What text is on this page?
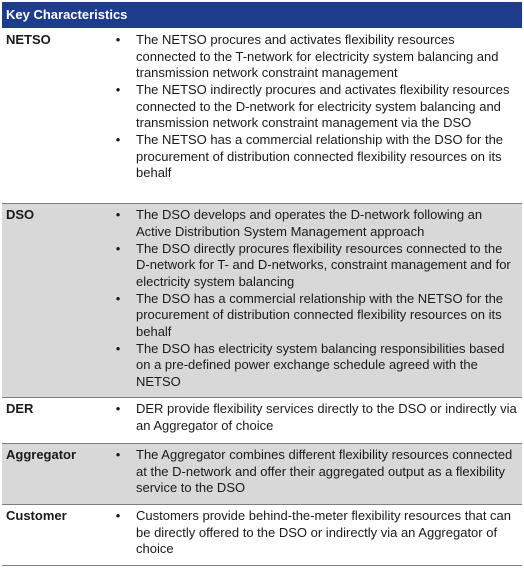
Key Characteristics
NETSO	• The NETSO procures and activates flexibility resources connected to the T-network for electricity system balancing and transmission network constraint management
• The NETSO indirectly procures and activates flexibility resources connected to the D-network for electricity system balancing and transmission network constraint management via the DSO
• The NETSO has a commercial relationship with the DSO for the procurement of distribution connected flexibility resources on its behalf
DSO	• The DSO develops and operates the D-network following an Active Distribution System Management approach
• The DSO directly procures flexibility resources connected to the D-network for T- and D-networks, constraint management and for electricity system balancing
• The DSO has a commercial relationship with the NETSO for the procurement of distribution connected flexibility resources on its behalf
• The DSO has electricity system balancing responsibilities based on a pre-defined power exchange schedule agreed with the NETSO
DER	• DER provide flexibility services directly to the DSO or indirectly via an Aggregator of choice
Aggregator	• The Aggregator combines different flexibility resources connected at the D-network and offer their aggregated output as a flexibility service to the DSO
Customer	• Customers provide behind-the-meter flexibility resources that can be directly offered to the DSO or indirectly via an Aggregator of choice
